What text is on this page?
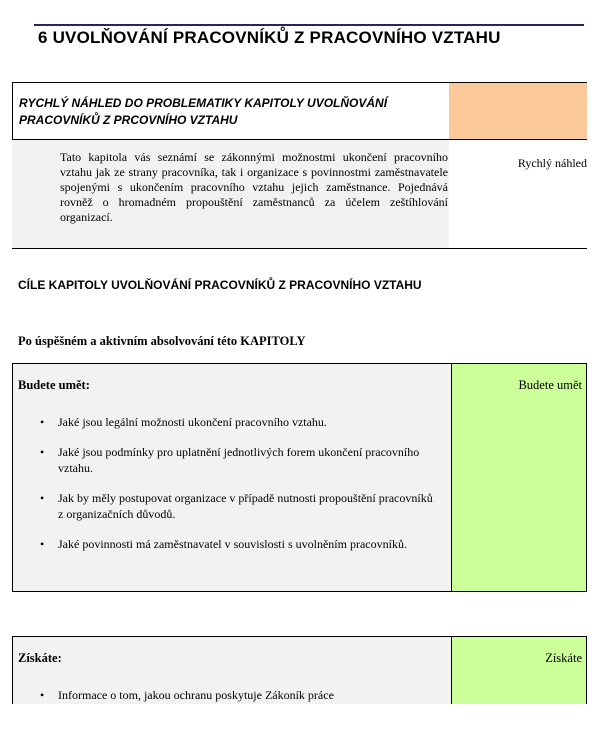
6 UVOLŇOVÁNÍ PRACOVNÍKŮ Z PRACOVNÍHO VZTAHU
RYCHLÝ NÁHLED DO PROBLEMATIKY KAPITOLY UVOLŇOVÁNÍ
PRACOVNÍKŮ Z PRCOVNÍHO VZTAHU
Tato kapitola vás seznámí se zákonnými možnostmi ukončení pracovního vztahu jak ze strany pracovníka, tak i organizace s povinnostmi zaměstnavatele spojenými s ukončením pracovního vztahu jejich zaměstnance. Pojednává rovněž o hromadném propouštění zaměstnanců za účelem zeštíhlování organizací.
Rychlý náhled
CÍLE KAPITOLY UVOLŇOVÁNÍ PRACOVNÍKŮ Z PRACOVNÍHO VZTAHU
Po úspěšném a aktivním absolvování této KAPITOLY
Budete umět:
• Jaké jsou legální možnosti ukončení pracovního vztahu.
• Jaké jsou podmínky pro uplatnění jednotlivých forem ukončení pracovního vztahu.
• Jak by měly postupovat organizace v případě nutnosti propouštění pracovníků z organizačních důvodů.
• Jaké povinnosti má zaměstnavatel v souvislosti s uvolněním pracovníků.
Budete umět
Získáte:
• Informace o tom, jakou ochranu poskytuje Zákoník práce
Získáte
